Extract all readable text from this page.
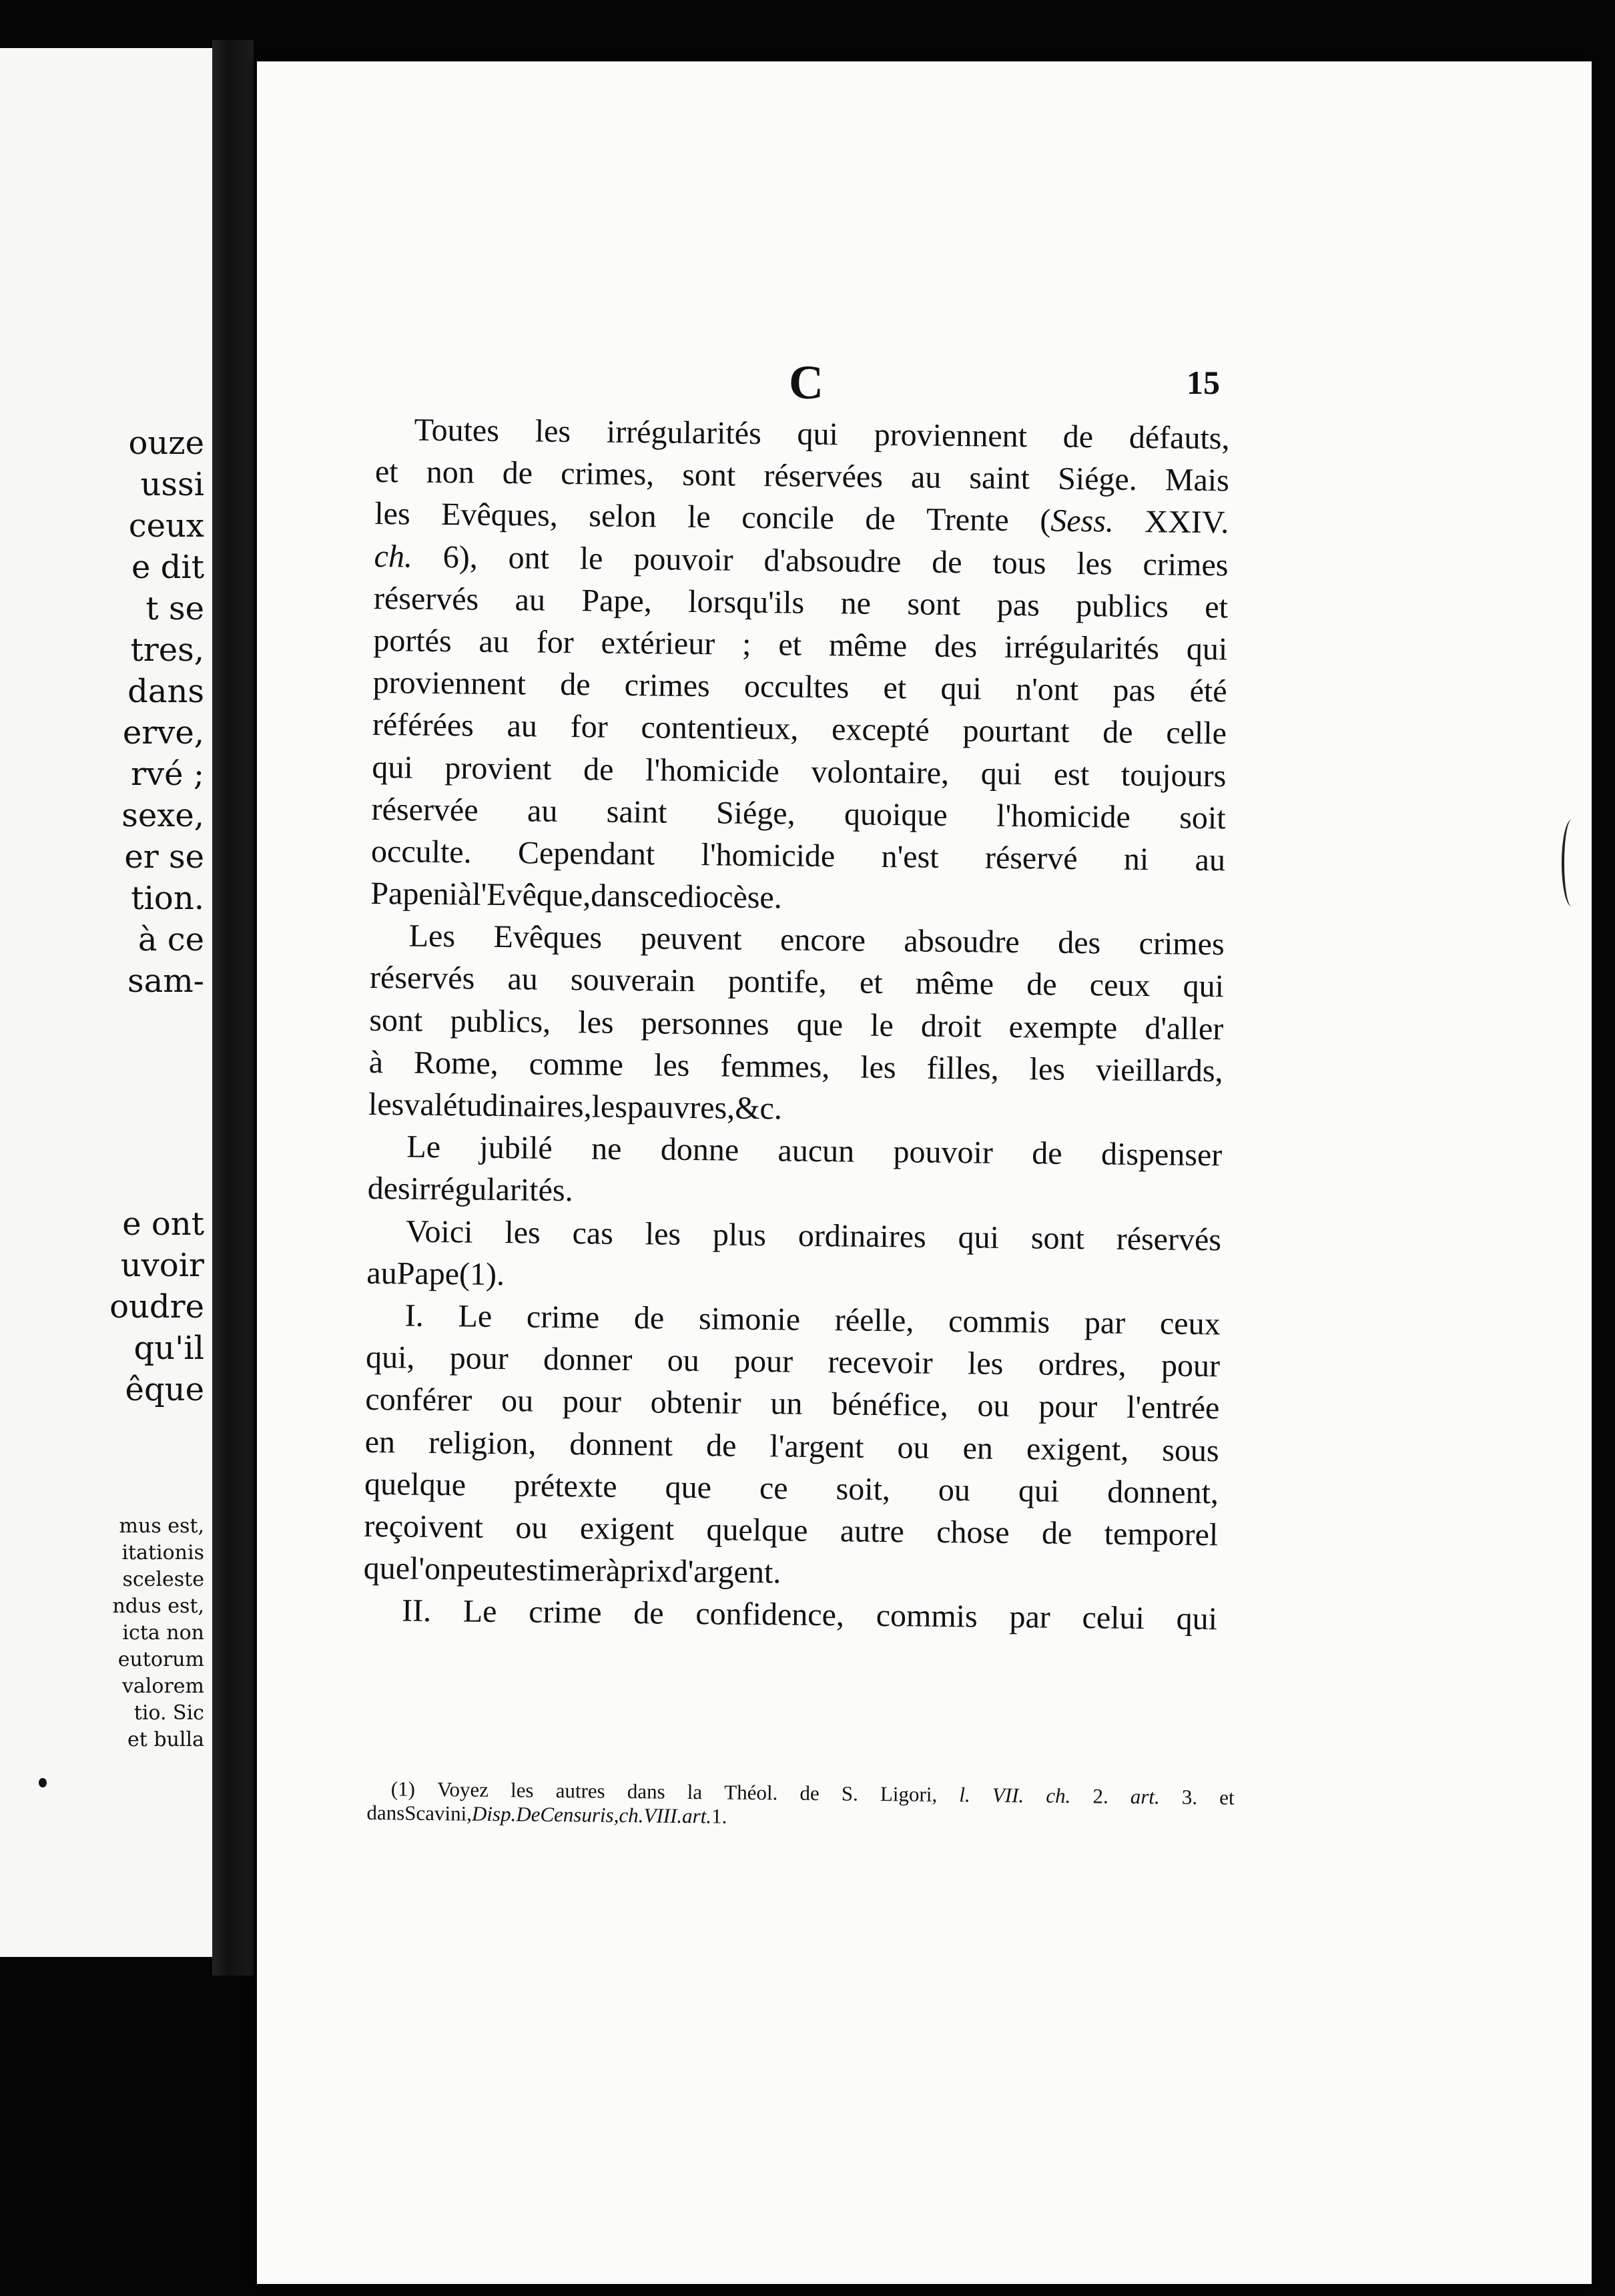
ouze
ussi
ceux
e dit
t se
tres,
dans
erve,
rvé ;
sexe,
er se
tion.
à ce
sam-
e ont
uvoir
oudre
qu'il
êque
mus est,
itationis
sceleste
ndus est,
icta non
eutorum
valorem
tio. Sic
et bulla
C	15
Toutes les irrégularités qui proviennent de défauts,
et non de crimes, sont réservées au saint Siége. Mais
les Evêques, selon le concile de Trente (Sess. XXIV.
ch. 6), ont le pouvoir d'absoudre de tous les crimes
réservés au Pape, lorsqu'ils ne sont pas publics et
portés au for extérieur ; et même des irrégularités qui
proviennent de crimes occultes et qui n'ont pas été
référées au for contentieux, excepté pourtant de celle
qui provient de l'homicide volontaire, qui est toujours
réservée au saint Siége, quoique l'homicide soit
occulte. Cependant l'homicide n'est réservé ni au
Pape ni à l'Evêque, dans ce diocèse.
Les Evêques peuvent encore absoudre des crimes
réservés au souverain pontife, et même de ceux qui
sont publics, les personnes que le droit exempte d'aller
à Rome, comme les femmes, les filles, les vieillards,
les valétudinaires, les pauvres, &c.
Le jubilé ne donne aucun pouvoir de dispenser
des irrégularités.
Voici les cas les plus ordinaires qui sont réservés
au Pape (1).
I. Le crime de simonie réelle, commis par ceux
qui, pour donner ou pour recevoir les ordres, pour
conférer ou pour obtenir un bénéfice, ou pour l'entrée
en religion, donnent de l'argent ou en exigent, sous
quelque prétexte que ce soit, ou qui donnent,
reçoivent ou exigent quelque autre chose de temporel
que l'on peut estimer à prix d'argent.
II. Le crime de confidence, commis par celui qui
(1) Voyez les autres dans la Théol. de S. Ligori, l. VII. ch. 2. art. 3. et
dans Scavini, Disp. De Censuris, ch. VIII. art. 1.
